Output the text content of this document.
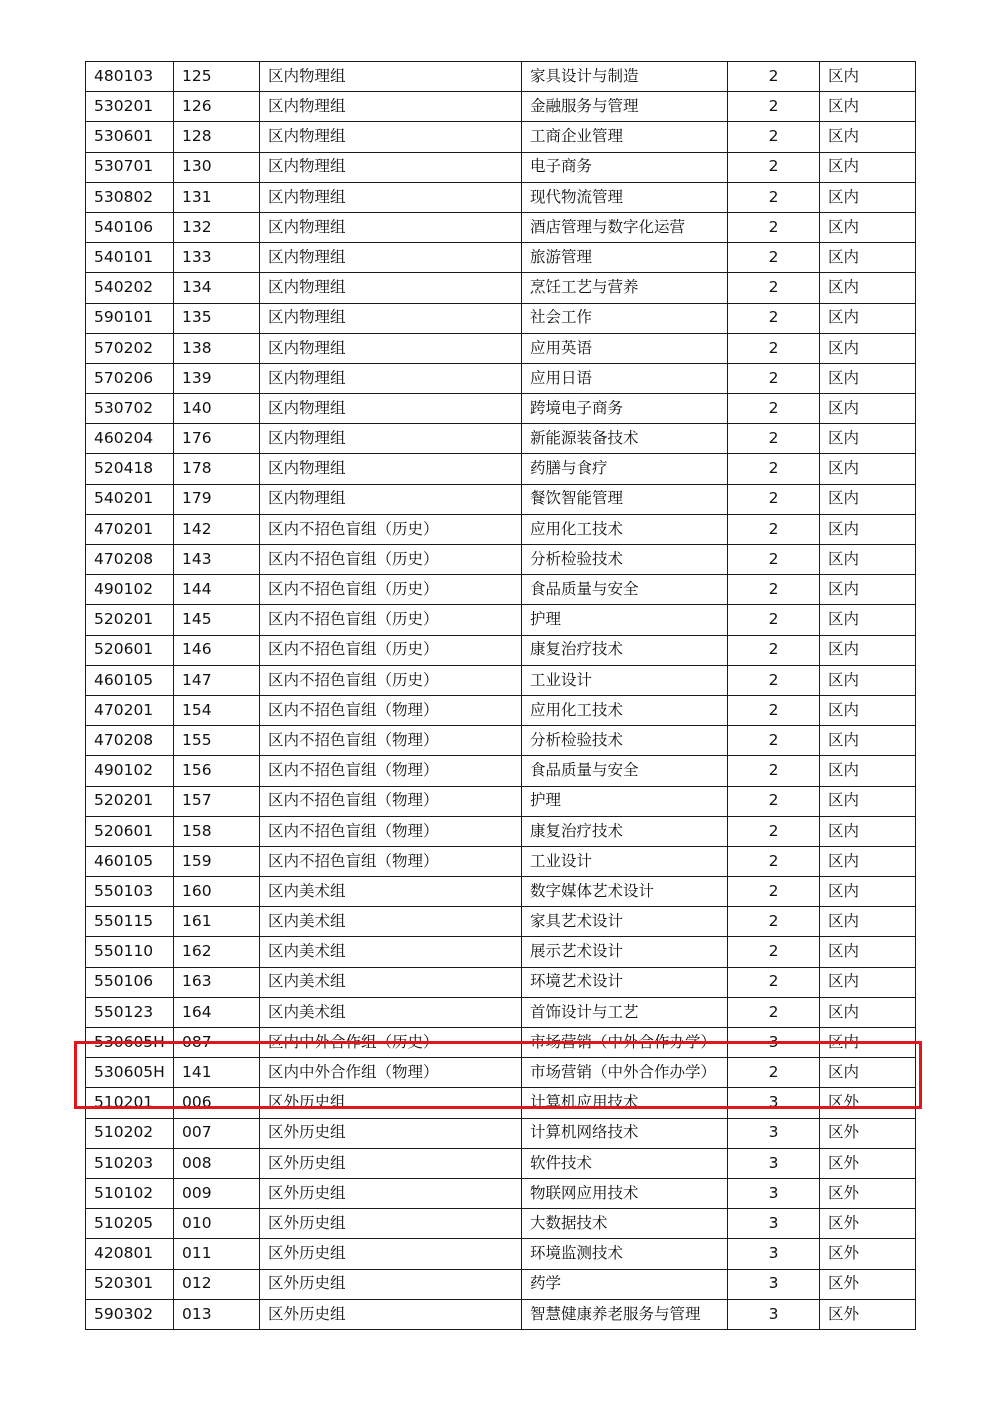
480103	125	区内物理组	家具设计与制造	2	区内
530201	126	区内物理组	金融服务与管理	2	区内
530601	128	区内物理组	工商企业管理	2	区内
530701	130	区内物理组	电子商务	2	区内
530802	131	区内物理组	现代物流管理	2	区内
540106	132	区内物理组	酒店管理与数字化运营	2	区内
540101	133	区内物理组	旅游管理	2	区内
540202	134	区内物理组	烹饪工艺与营养	2	区内
590101	135	区内物理组	社会工作	2	区内
570202	138	区内物理组	应用英语	2	区内
570206	139	区内物理组	应用日语	2	区内
530702	140	区内物理组	跨境电子商务	2	区内
460204	176	区内物理组	新能源装备技术	2	区内
520418	178	区内物理组	药膳与食疗	2	区内
540201	179	区内物理组	餐饮智能管理	2	区内
470201	142	区内不招色盲组（历史）	应用化工技术	2	区内
470208	143	区内不招色盲组（历史）	分析检验技术	2	区内
490102	144	区内不招色盲组（历史）	食品质量与安全	2	区内
520201	145	区内不招色盲组（历史）	护理	2	区内
520601	146	区内不招色盲组（历史）	康复治疗技术	2	区内
460105	147	区内不招色盲组（历史）	工业设计	2	区内
470201	154	区内不招色盲组（物理）	应用化工技术	2	区内
470208	155	区内不招色盲组（物理）	分析检验技术	2	区内
490102	156	区内不招色盲组（物理）	食品质量与安全	2	区内
520201	157	区内不招色盲组（物理）	护理	2	区内
520601	158	区内不招色盲组（物理）	康复治疗技术	2	区内
460105	159	区内不招色盲组（物理）	工业设计	2	区内
550103	160	区内美术组	数字媒体艺术设计	2	区内
550115	161	区内美术组	家具艺术设计	2	区内
550110	162	区内美术组	展示艺术设计	2	区内
550106	163	区内美术组	环境艺术设计	2	区内
550123	164	区内美术组	首饰设计与工艺	2	区内
530605H	087	区内中外合作组（历史）	市场营销（中外合作办学）	3	区内
530605H	141	区内中外合作组（物理）	市场营销（中外合作办学）	2	区内
510201	006	区外历史组	计算机应用技术	3	区外
510202	007	区外历史组	计算机网络技术	3	区外
510203	008	区外历史组	软件技术	3	区外
510102	009	区外历史组	物联网应用技术	3	区外
510205	010	区外历史组	大数据技术	3	区外
420801	011	区外历史组	环境监测技术	3	区外
520301	012	区外历史组	药学	3	区外
590302	013	区外历史组	智慧健康养老服务与管理	3	区外
